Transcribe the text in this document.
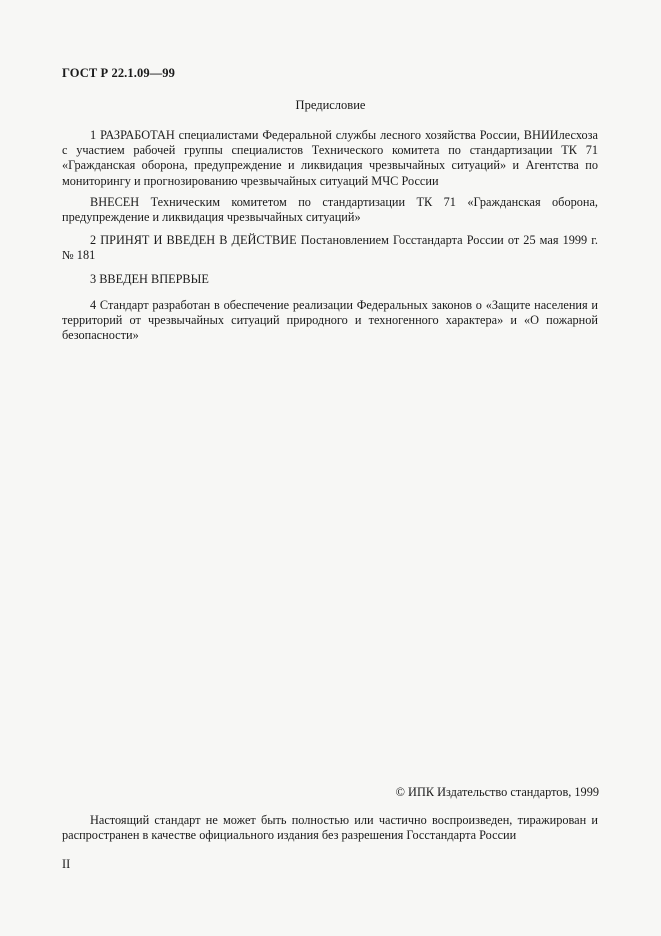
ГОСТ Р 22.1.09—99
Предисловие

1 РАЗРАБОТАН специалистами Федеральной службы лесного хозяйства России, ВНИИлесхоза с участием рабочей группы специалистов Технического комитета по стандартизации ТК 71 «Гражданская оборона, предупреждение и ликвидация чрезвычайных ситуаций» и Агентства по мониторингу и прогнозированию чрезвычайных ситуаций МЧС России

ВНЕСЕН Техническим комитетом по стандартизации ТК 71 «Гражданская оборона, предупреждение и ликвидация чрезвычайных ситуаций»

2 ПРИНЯТ И ВВЕДЕН В ДЕЙСТВИЕ Постановлением Госстандарта России от 25 мая 1999 г. № 181

3 ВВЕДЕН ВПЕРВЫЕ

4 Стандарт разработан в обеспечение реализации Федеральных законов о «Защите населения и территорий от чрезвычайных ситуаций природного и техногенного характера» и «О пожарной безопасности»

© ИПК Издательство стандартов, 1999

Настоящий стандарт не может быть полностью или частично воспроизведен, тиражирован и распространен в качестве официального издания без разрешения Госстандарта России

II
